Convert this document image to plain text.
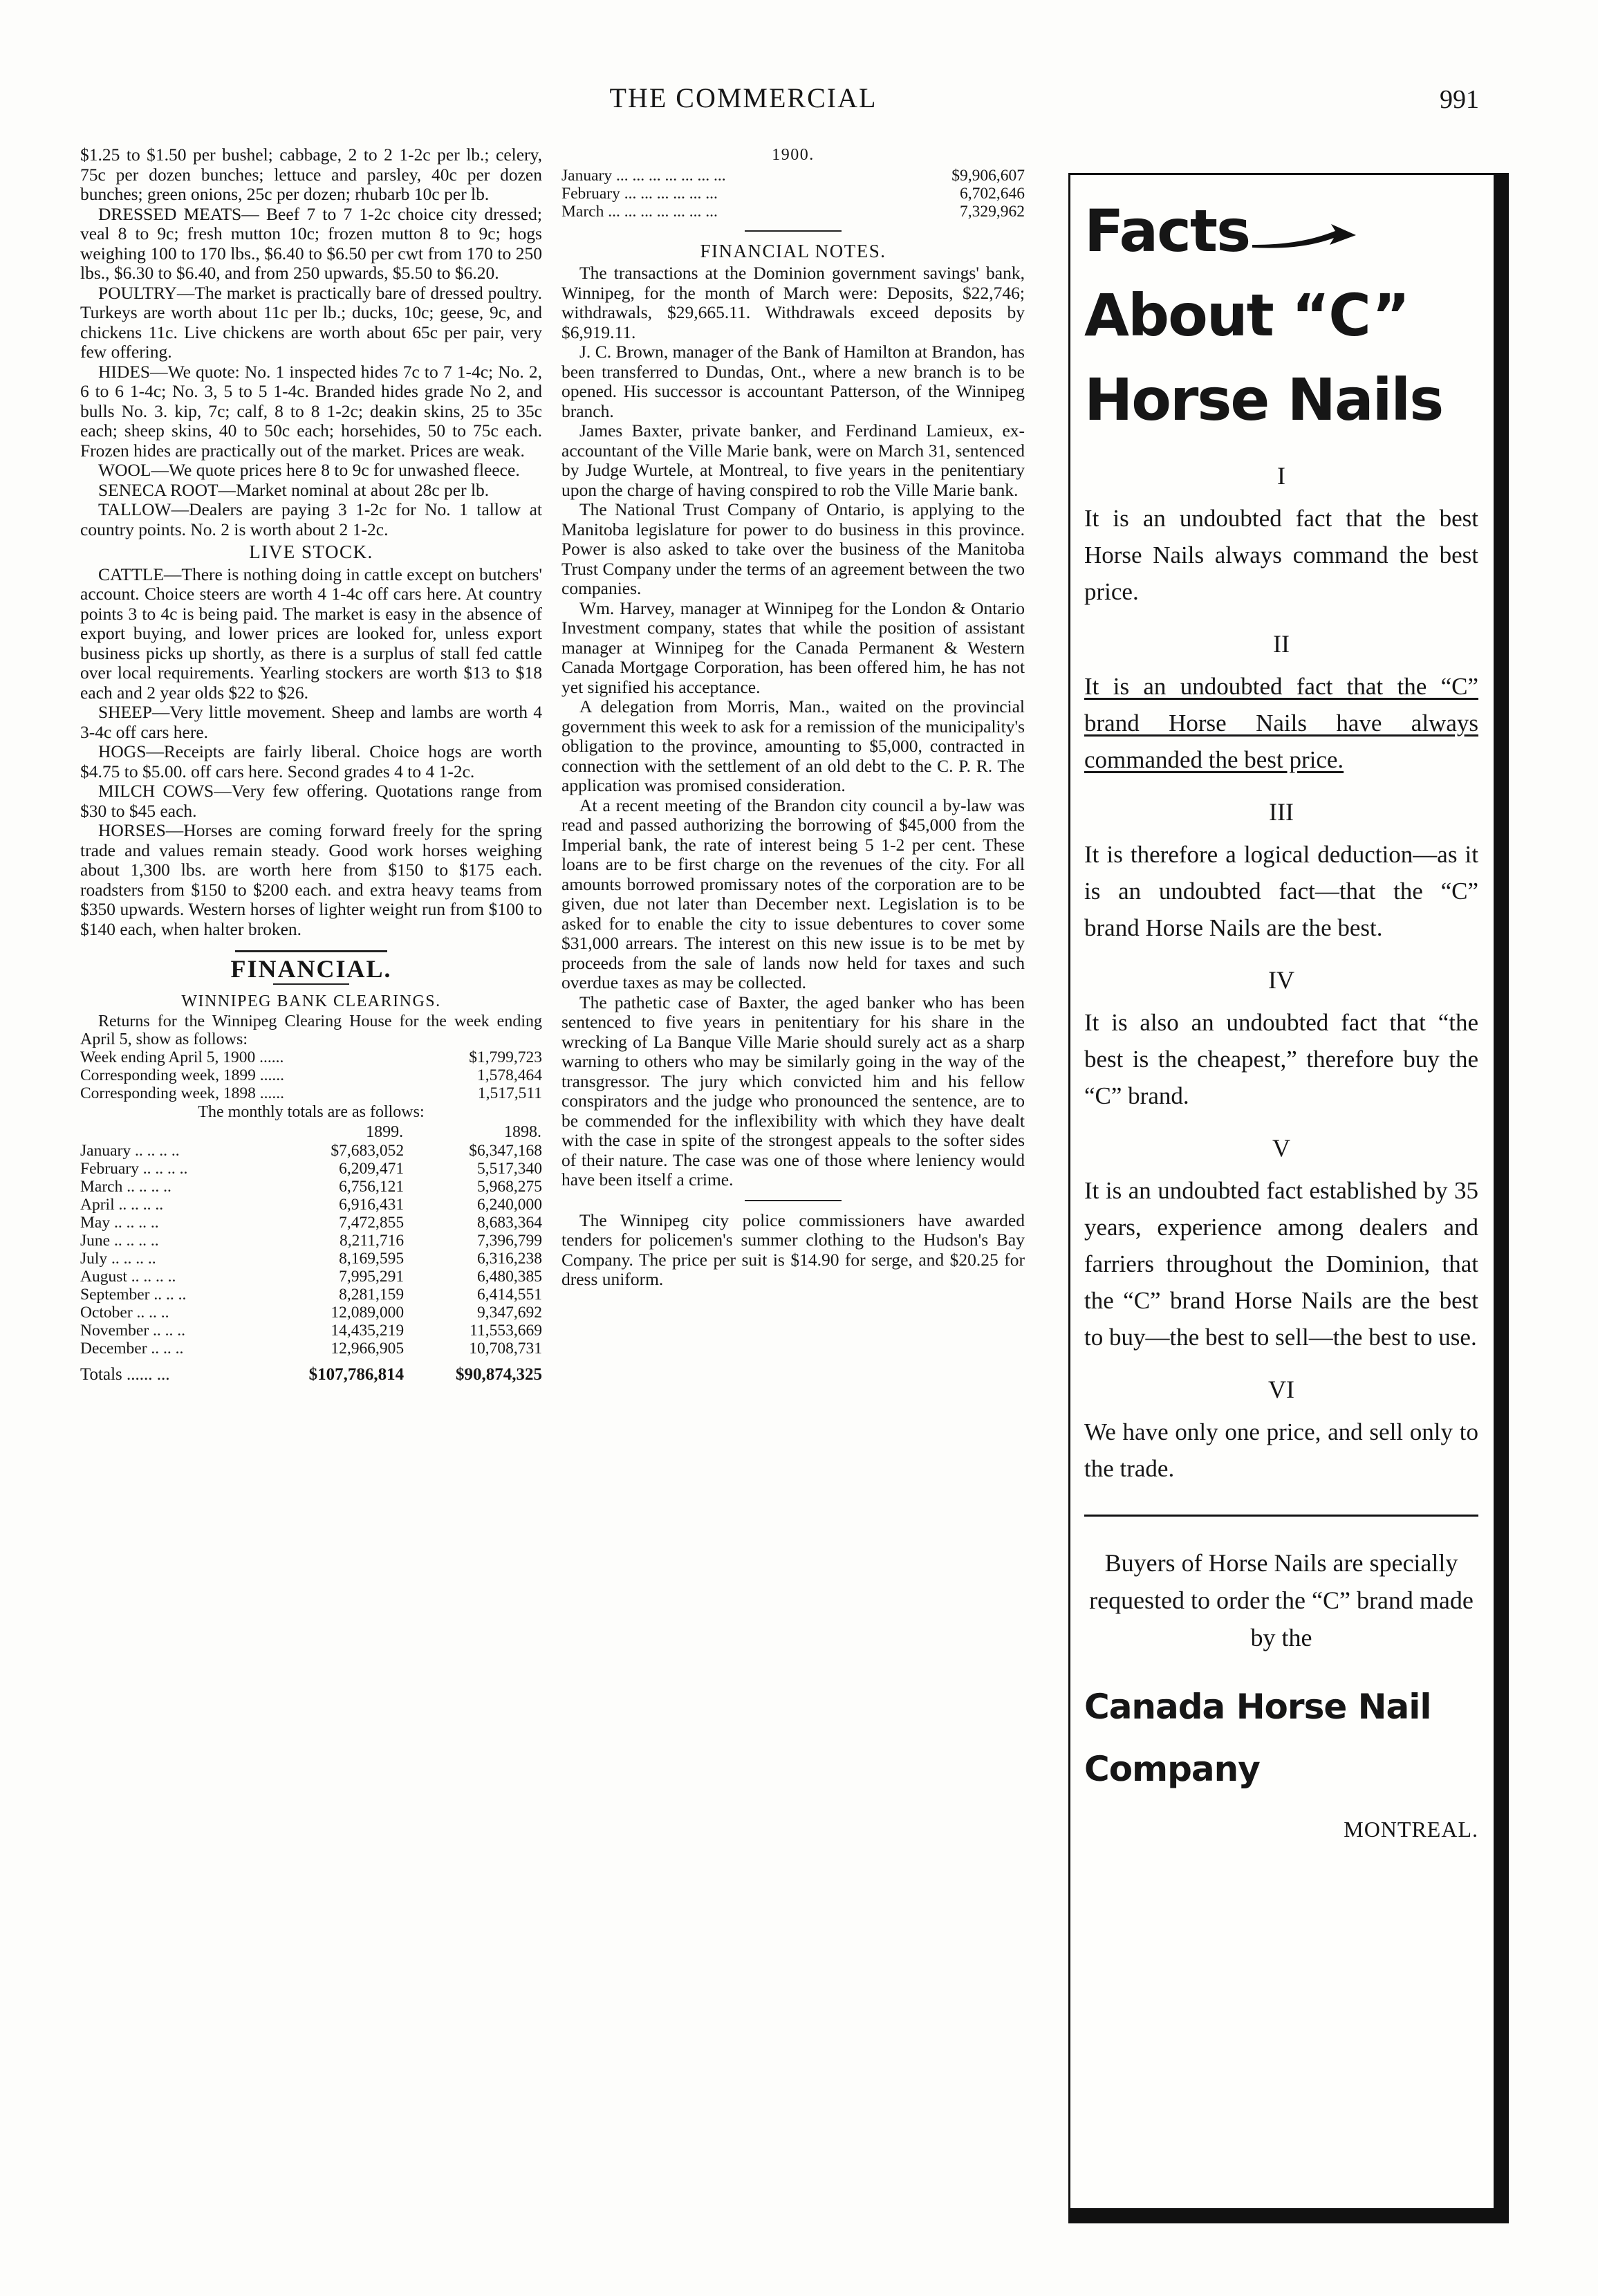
THE COMMERCIAL	991

$1.25 to $1.50 per bushel; cabbage, 2 to 2 1-2c per lb.; celery, 75c per dozen bunches; lettuce and parsley, 40c per dozen bunches; green onions, 25c per dozen; rhubarb 10c per lb.

DRESSED MEATS— Beef 7 to 7 1-2c choice city dressed; veal 8 to 9c; fresh mutton 10c; frozen mutton 8 to 9c; hogs weighing 100 to 170 lbs., $6.40 to $6.50 per cwt from 170 to 250 lbs., $6.30 to $6.40, and from 250 upwards, $5.50 to $6.20.

POULTRY—The market is practically bare of dressed poultry. Turkeys are worth about 11c per lb.; ducks, 10c; geese, 9c, and chickens 11c. Live chickens are worth about 65c per pair, very few offering.

HIDES—We quote: No. 1 inspected hides 7c to 7 1-4c; No. 2, 6 to 6 1-4c; No. 3, 5 to 5 1-4c. Branded hides grade No 2, and bulls No. 3. kip, 7c; calf, 8 to 8 1-2c; deakin skins, 25 to 35c each; sheep skins, 40 to 50c each; horsehides, 50 to 75c each. Frozen hides are practically out of the market. Prices are weak.

WOOL—We quote prices here 8 to 9c for unwashed fleece.

SENECA ROOT—Market nominal at about 28c per lb.

TALLOW—Dealers are paying 3 1-2c for No. 1 tallow at country points. No. 2 is worth about 2 1-2c.

LIVE STOCK.

CATTLE—There is nothing doing in cattle except on butchers' account. Choice steers are worth 4 1-4c off cars here. At country points 3 to 4c is being paid. The market is easy in the absence of export buying, and lower prices are looked for, unless export business picks up shortly, as there is a surplus of stall fed cattle over local requirements. Yearling stockers are worth $13 to $18 each and 2 year olds $22 to $26.

SHEEP—Very little movement. Sheep and lambs are worth 4 3-4c off cars here.

HOGS—Receipts are fairly liberal. Choice hogs are worth $4.75 to $5.00. off cars here. Second grades 4 to 4 1-2c.

MILCH COWS—Very few offering. Quotations range from $30 to $45 each.

HORSES—Horses are coming forward freely for the spring trade and values remain steady. Good work horses weighing about 1,300 lbs. are worth here from $150 to $175 each. roadsters from $150 to $200 each. and extra heavy teams from $350 upwards. Western horses of lighter weight run from $100 to $140 each, when halter broken.

FINANCIAL.
WINNIPEG BANK CLEARINGS.

Returns for the Winnipeg Clearing House for the week ending April 5, show as follows:

Week ending April 5, 1900 ......	$1,799,723
Corresponding week, 1899 ......	1,578,464
Corresponding week, 1898 ......	1,517,511

The monthly totals are as follows:

	1899.	1898.
January .. .. .. ..	$7,683,052	$6,347,168
February .. .. .. ..	6,209,471	5,517,340
March .. .. .. ..	6,756,121	5,968,275
April .. .. .. ..	6,916,431	6,240,000
May .. .. .. ..	7,472,855	8,683,364
June .. .. .. ..	8,211,716	7,396,799
July .. .. .. ..	8,169,595	6,316,238
August .. .. .. ..	7,995,291	6,480,385
September .. .. ..	8,281,159	6,414,551
October .. .. ..	12,089,000	9,347,692
November .. .. ..	14,435,219	11,553,669
December .. .. ..	12,966,905	10,708,731
Totals ...... ...	$107,786,814	$90,874,325
1900.
January ... ... ... ... ... ... ...	$9,906,607
February ... ... ... ... ... ...	6,702,646
March ... ... ... ... ... ... ...	7,329,962
FINANCIAL NOTES.

The transactions at the Dominion government savings' bank, Winnipeg, for the month of March were: Deposits, $22,746; withdrawals, $29,665.11. Withdrawals exceed deposits by $6,919.11.

J. C. Brown, manager of the Bank of Hamilton at Brandon, has been transferred to Dundas, Ont., where a new branch is to be opened. His successor is accountant Patterson, of the Winnipeg branch.

James Baxter, private banker, and Ferdinand Lamieux, ex-accountant of the Ville Marie bank, were on March 31, sentenced by Judge Wurtele, at Montreal, to five years in the penitentiary upon the charge of having conspired to rob the Ville Marie bank.

The National Trust Company of Ontario, is applying to the Manitoba legislature for power to do business in this province. Power is also asked to take over the business of the Manitoba Trust Company under the terms of an agreement between the two companies.

Wm. Harvey, manager at Winnipeg for the London & Ontario Investment company, states that while the position of assistant manager at Winnipeg for the Canada Permanent & Western Canada Mortgage Corporation, has been offered him, he has not yet signified his acceptance.

A delegation from Morris, Man., waited on the provincial government this week to ask for a remission of the municipality's obligation to the province, amounting to $5,000, contracted in connection with the settlement of an old debt to the C. P. R. The application was promised consideration.

At a recent meeting of the Brandon city council a by-law was read and passed authorizing the borrowing of $45,000 from the Imperial bank, the rate of interest being 5 1-2 per cent. These loans are to be first charge on the revenues of the city. For all amounts borrowed promissary notes of the corporation are to be given, due not later than December next. Legislation is to be asked for to enable the city to issue debentures to cover some $31,000 arrears. The interest on this new issue is to be met by proceeds from the sale of lands now held for taxes and such overdue taxes as may be collected.

The pathetic case of Baxter, the aged banker who has been sentenced to five years in penitentiary for his share in the wrecking of La Banque Ville Marie should surely act as a sharp warning to others who may be similarly going in the way of the transgressor. The jury which convicted him and his fellow conspirators and the judge who pronounced the sentence, are to be commended for the inflexibility with which they have dealt with the case in spite of the strongest appeals to the softer sides of their nature. The case was one of those where leniency would have been itself a crime.

The Winnipeg city police commissioners have awarded tenders for policemen's summer clothing to the Hudson's Bay Company. The price per suit is $14.90 for serge, and $20.25 for dress uniform.

Facts
About “C”
Horse Nails
I
It is an undoubted fact that the best Horse Nails always command the best price.
II
It is an undoubted fact that the “C” brand Horse Nails have always commanded the best price.
III
It is therefore a logical deduction—as it is an undoubted fact—that the “C” brand Horse Nails are the best.
IV
It is also an undoubted fact that “the best is the cheapest,” therefore buy the “C” brand.
V
It is an undoubted fact established by 35 years, experience among dealers and farriers throughout the Dominion, that the “C” brand Horse Nails are the best to buy—the best to sell—the best to use.
VI
We have only one price, and sell only to the trade.
Buyers of Horse Nails are specially requested to order the “C” brand made by the
Canada Horse Nail
Company
MONTREAL.
